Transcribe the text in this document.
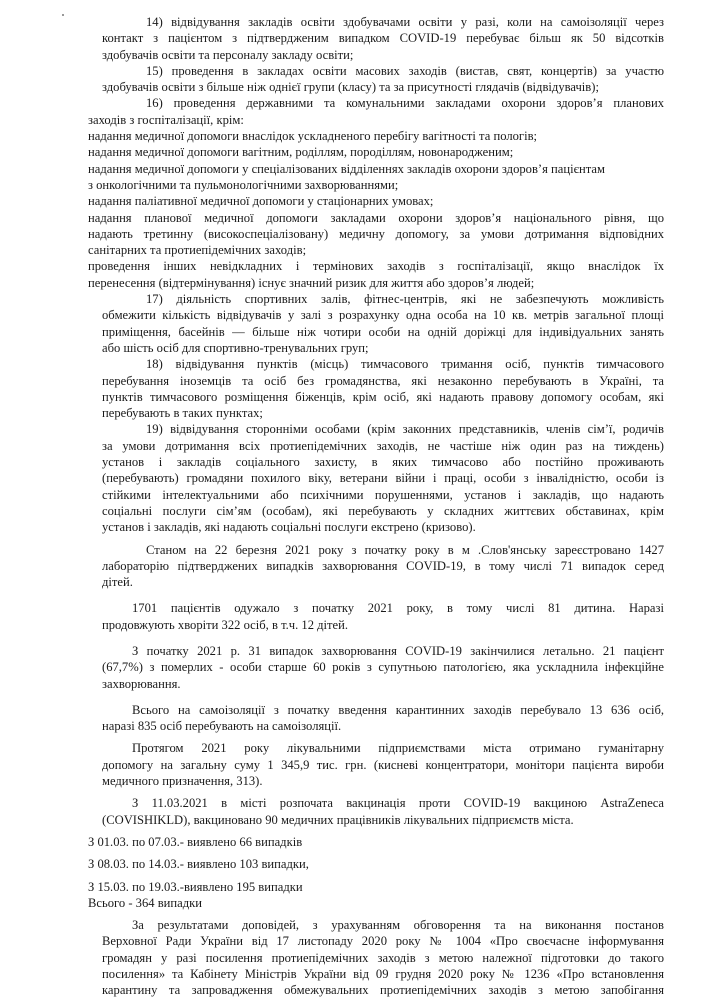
14) відвідування закладів освіти здобувачами освіти у разі, коли на самоізоляції через
контакт з пацієнтом з підтвердженим випадком COVID-19 перебуває більш як 50 відсотків
здобувачів освіти та персоналу закладу освіти;
15) проведення в закладах освіти масових заходів (вистав, свят, концертів) за участю
здобувачів освіти з більше ніж однієї групи (класу) та за присутності глядачів (відвідувачів);
16) проведення державними та комунальними закладами охорони здоров’я планових
заходів з госпіталізації, крім:
надання медичної допомоги внаслідок ускладненого перебігу вагітності та пологів;
надання медичної допомоги вагітним, роділлям, породіллям, новонародженим;
надання медичної допомоги у спеціалізованих відділеннях закладів охорони здоров’я пацієнтам
з онкологічними та пульмонологічними захворюваннями;
надання паліативної медичної допомоги у стаціонарних умовах;
надання планової медичної допомоги закладами охорони здоров’я національного рівня, що
надають третинну (високоспеціалізовану) медичну допомогу, за умови дотримання відповідних
санітарних та протиепідемічних заходів;
проведення інших невідкладних і термінових заходів з госпіталізації, якщо внаслідок їх
перенесення (відтермінування) існує значний ризик для життя або здоров’я людей;
17) діяльність спортивних залів, фітнес-центрів, які не забезпечують можливість
обмежити кількість відвідувачів у залі з розрахунку одна особа на 10 кв. метрів загальної площі
приміщення, басейнів — більше ніж чотири особи на одній доріжці для індивідуальних занять
або шість осіб для спортивно-тренувальних груп;
18) відвідування пунктів (місць) тимчасового тримання осіб, пунктів тимчасового
перебування іноземців та осіб без громадянства, які незаконно перебувають в Україні, та
пунктів тимчасового розміщення біженців, крім осіб, які надають правову допомогу особам, які
перебувають в таких пунктах;
19) відвідування сторонніми особами (крім законних представників, членів сім’ї, родичів
за умови дотримання всіх протиепідемічних заходів, не частіше ніж один раз на тиждень)
установ і закладів соціального захисту, в яких тимчасово або постійно проживають
(перебувають) громадяни похилого віку, ветерани війни і праці, особи з інвалідністю, особи із
стійкими інтелектуальними або психічними порушеннями, установ і закладів, що надають
соціальні послуги сім’ям (особам), які перебувають у складних життєвих обставинах, крім
установ і закладів, які надають соціальні послуги екстрено (кризово).
Станом на 22 березня 2021 року з початку року в м .Слов'янську зареєстровано 1427
лабораторію підтверджених випадків захворювання COVID-19, в тому числі 71 випадок серед
дітей.
1701 пацієнтів одужало з початку 2021 року, в тому числі 81 дитина. Наразі
продовжують хворіти 322 осіб, в т.ч. 12 дітей.
З початку 2021 р. 31 випадок захворювання COVID-19 закінчилися летально. 21 пацієнт
(67,7%) з померлих - особи старше 60 років з супутньою патологією, яка ускладнила інфекційне
захворювання.
Всього на самоізоляції з початку введення карантинних заходів перебувало 13 636 осіб,
наразі 835 осіб перебувають на самоізоляції.
Протягом 2021 року лікувальними підприємствами міста отримано гуманітарну
допомогу на загальну суму 1 345,9 тис. грн. (кисневі концентратори, монітори пацієнта вироби
медичного призначення, 313).
З 11.03.2021 в місті розпочата вакцинація проти COVID-19 вакциною AstraZeneca
(COVISHIKLD), вакциновано 90 медичних працівників лікувальних підприємств міста.
З 01.03. по 07.03.- виявлено 66 випадків
З 08.03. по 14.03.- виявлено 103 випадки,
З 15.03. по 19.03.-виявлено 195 випадки
Всього - 364 випадки
За результатами доповідей, з урахуванням обговорення та на виконання постанов
Верховної Ради України від 17 листопаду 2020 року № 1004 «Про своєчасне інформування
громадян у разі посилення протиепідемічних заходів з метою належної підготовки до такого
посилення» та Кабінету Міністрів України від 09 грудня 2020 року № 1236 «Про встановлення
карантину та запровадження обмежувальних протиепідемічних заходів з метою запобігання
